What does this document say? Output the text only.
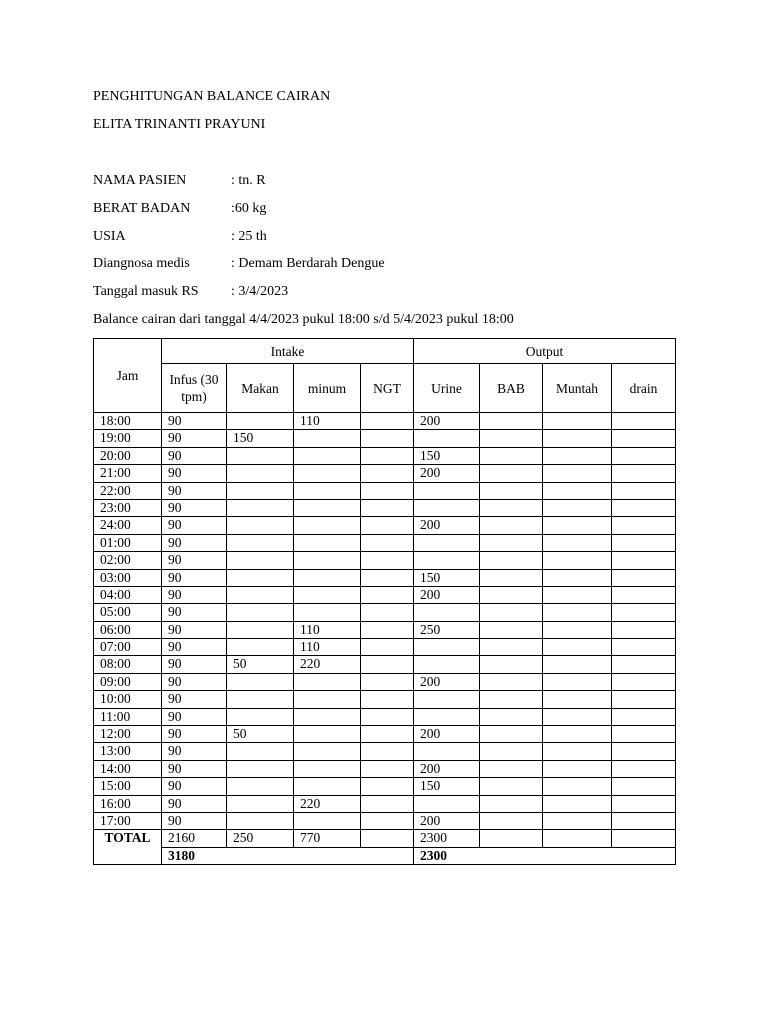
PENGHITUNGAN BALANCE CAIRAN
ELITA TRINANTI PRAYUNI
NAMA PASIEN	: tn. R
BERAT BADAN	:60 kg
USIA	: 25 th
Diangnosa medis	: Demam Berdarah Dengue
Tanggal masuk RS : 3/4/2023
Balance cairan dari tanggal 4/4/2023 pukul 18:00 s/d 5/4/2023 pukul 18:00
Jam	Intake				Output			
	Infus (30 tpm)	Makan	minum	NGT	Urine	BAB	Muntah	drain
18:00	90		110		200			
19:00	90	150						
20:00	90				150			
21:00	90				200			
22:00	90							
23:00	90							
24:00	90				200			
01:00	90							
02:00	90							
03:00	90				150			
04:00	90				200			
05:00	90							
06:00	90		110		250			
07:00	90		110					
08:00	90	50	220					
09:00	90				200			
10:00	90							
11:00	90							
12:00	90	50			200			
13:00	90							
14:00	90				200			
15:00	90				150			
16:00	90		220					
17:00	90				200			
TOTAL	2160	250	770		2300			
	3180				2300			
